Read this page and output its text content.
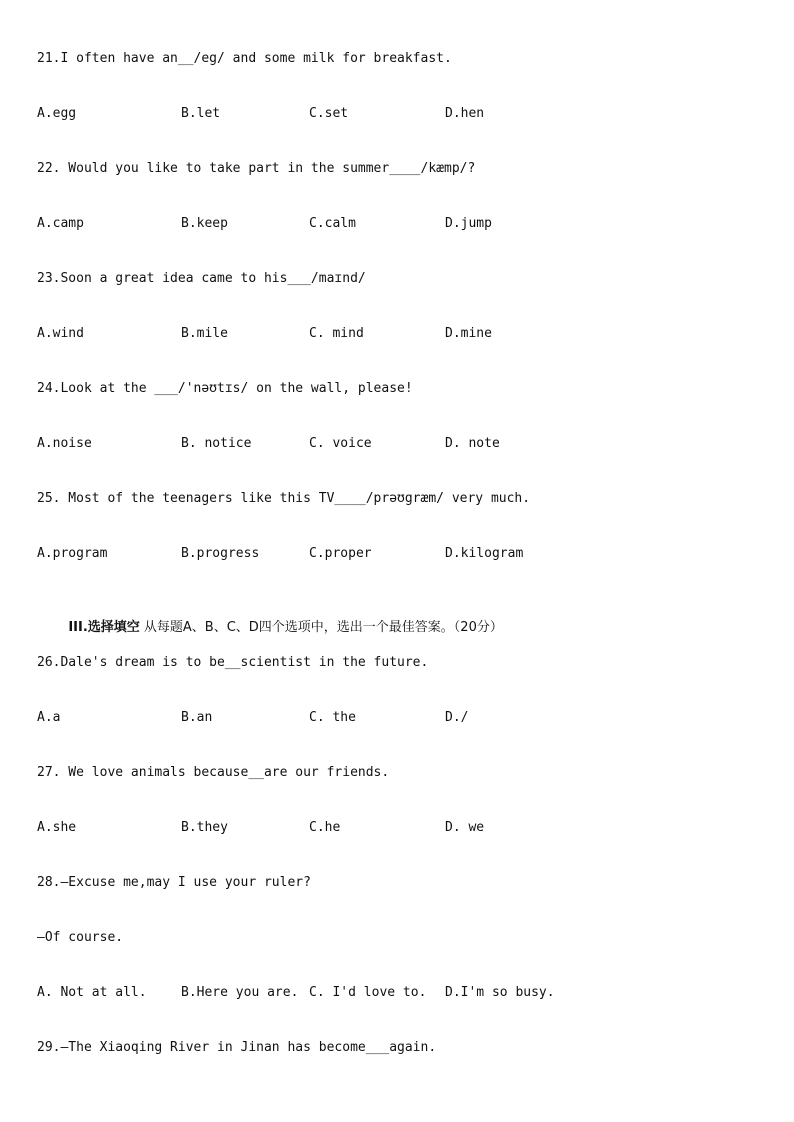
21.I often have an__/eg/ and some milk for breakfast.

A.egg

	B.let

	C.set

	D.hen

22. Would you like to take part in the summer____/kæmp/?

A.camp

	B.keep

	C.calm

	D.jump

23.Soon a great idea came to his___/maɪnd/

A.wind

	B.mile

	C. mind

	D.mine

24.Look at the ___/'nəʊtɪs/ on the wall, please!

A.noise

	B. notice

	C. voice

	D. note

25. Most of the teenagers like this TV____/prəʊgræm/ very much.

A.program

	B.progress

	C.proper

	D.kilogram

III.选择填空 从每题A、B、C、D四个选项中，选出一个最佳答案。（20分）

26.Dale's dream is to be__scientist in the future.

A.a

	B.an

	C. the

	D./

27. We love animals because__are our friends.

A.she

	B.they

	C.he

	D. we

28.—Excuse me,may I use your ruler?
—Of course.

A. Not at all.

	B.Here you are.

C. I'd love to.

D.I'm so busy.

29.—The Xiaoqing River in Jinan has become___again.
